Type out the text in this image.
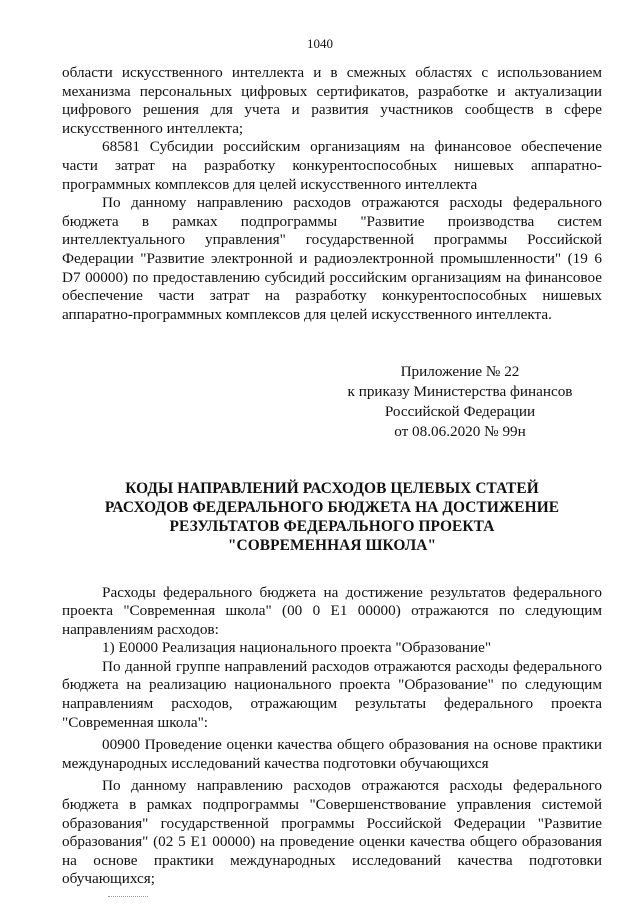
1040

области искусственного интеллекта и в смежных областях с использованием механизма персональных цифровых сертификатов, разработке и актуализации цифрового решения для учета и развития участников сообществ в сфере искусственного интеллекта;

68581 Субсидии российским организациям на финансовое обеспечение части затрат на разработку конкурентоспособных нишевых аппаратно-программных комплексов для целей искусственного интеллекта

По данному направлению расходов отражаются расходы федерального бюджета в рамках подпрограммы "Развитие производства систем интеллектуального управления" государственной программы Российской Федерации "Развитие электронной и радиоэлектронной промышленности" (19 6 D7 00000) по предоставлению субсидий российским организациям на финансовое обеспечение части затрат на разработку конкурентоспособных нишевых аппаратно-программных комплексов для целей искусственного интеллекта.

Приложение № 22
к приказу Министерства финансов
Российской Федерации
от 08.06.2020 № 99н
КОДЫ НАПРАВЛЕНИЙ РАСХОДОВ ЦЕЛЕВЫХ СТАТЕЙ
РАСХОДОВ ФЕДЕРАЛЬНОГО БЮДЖЕТА НА ДОСТИЖЕНИЕ
РЕЗУЛЬТАТОВ ФЕДЕРАЛЬНОГО ПРОЕКТА
"СОВРЕМЕННАЯ ШКОЛА"

Расходы федерального бюджета на достижение результатов федерального проекта "Современная школа" (00 0 E1 00000) отражаются по следующим направлениям расходов:

1) E0000 Реализация национального проекта "Образование"

По данной группе направлений расходов отражаются расходы федерального бюджета на реализацию национального проекта "Образование" по следующим направлениям расходов, отражающим результаты федерального проекта "Современная школа":

00900 Проведение оценки качества общего образования на основе практики международных исследований качества подготовки обучающихся

По данному направлению расходов отражаются расходы федерального бюджета в рамках подпрограммы "Совершенствование управления системой образования" государственной программы Российской Федерации "Развитие образования" (02 5 E1 00000) на проведение оценки качества общего образования на основе практики международных исследований качества подготовки обучающихся;
